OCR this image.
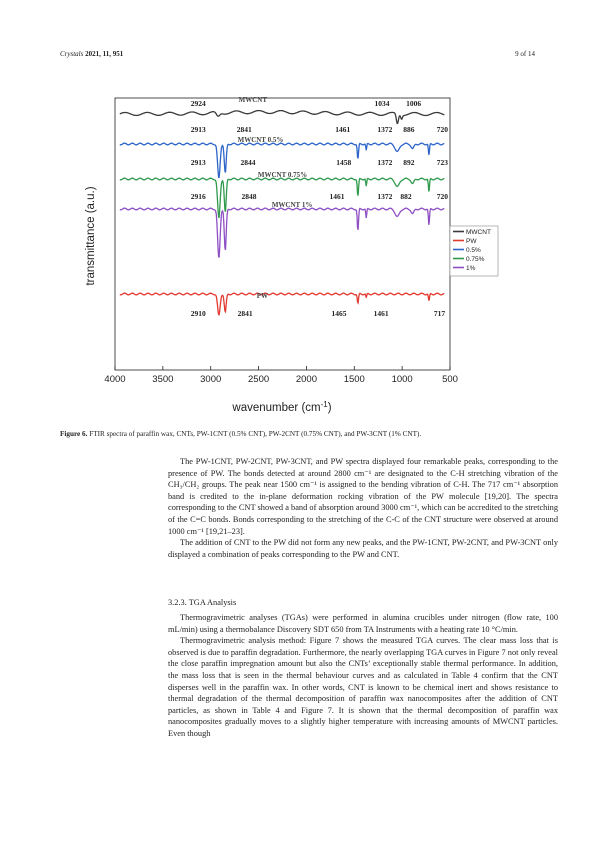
Crystals 2021, 11, 951	9 of 14
4000	3500	3000	2500	2000	1500	1000	500
MWCNT
MWCNT 0.5%
MWCNT 0.75%
MWCNT 1%
PW
2924	1034 1006
2913	2841	1461	1372 886	720
2913	2844	1458	1372 892	723
2916	2848	1461	1372 882	720
2910	2841	1465	1461	717
transmittance (a.u.)
wavenumber $(cm^{-1})$
MWCNT
PW
0.5%
0.75%
1%
Figure 6. FTIR spectra of paraffin wax, CNTs, PW-1CNT (0.5% CNT), PW-2CNT (0.75% CNT), and PW-3CNT (1% CNT).

The PW-1CNT, PW-2CNT, PW-3CNT, and PW spectra displayed four remarkable peaks, corresponding to the presence of PW. The bonds detected at around 2800 cm⁻¹ are designated to the C-H stretching vibration of the CH₃/CH₂ groups. The peak near 1500 cm⁻¹ is assigned to the bending vibration of C-H. The 717 cm⁻¹ absorption band is credited to the in-plane deformation rocking vibration of the PW molecule [19,20]. The spectra corresponding to the CNT showed a band of absorption around 3000 cm⁻¹, which can be accredited to the stretching of the C=C bonds. Bonds corresponding to the stretching of the C-C of the CNT structure were observed at around 1000 cm⁻¹ [19,21–23].

The addition of CNT to the PW did not form any new peaks, and the PW-1CNT, PW-2CNT, and PW-3CNT only displayed a combination of peaks corresponding to the PW and CNT.

3.2.3. TGA Analysis

Thermogravimetric analyses (TGAs) were performed in alumina crucibles under nitrogen (flow rate, 100 mL/min) using a thermobalance Discovery SDT 650 from TA Instruments with a heating rate 10 °C/min.

Thermogravimetric analysis method: Figure 7 shows the measured TGA curves. The clear mass loss that is observed is due to paraffin degradation. Furthermore, the nearly overlapping TGA curves in Figure 7 not only reveal the close paraffin impregnation amount but also the CNTs’ exceptionally stable thermal performance. In addition, the mass loss that is seen in the thermal behaviour curves and as calculated in Table 4 confirm that the CNT disperses well in the paraffin wax. In other words, CNT is known to be chemical inert and shows resistance to thermal degradation of the thermal decomposition of paraffin wax nanocomposites after the addition of CNT particles, as shown in Table 4 and Figure 7. It is shown that the thermal decomposition of paraffin wax nanocomposites gradually moves to a slightly higher temperature with increasing amounts of MWCNT particles. Even though
